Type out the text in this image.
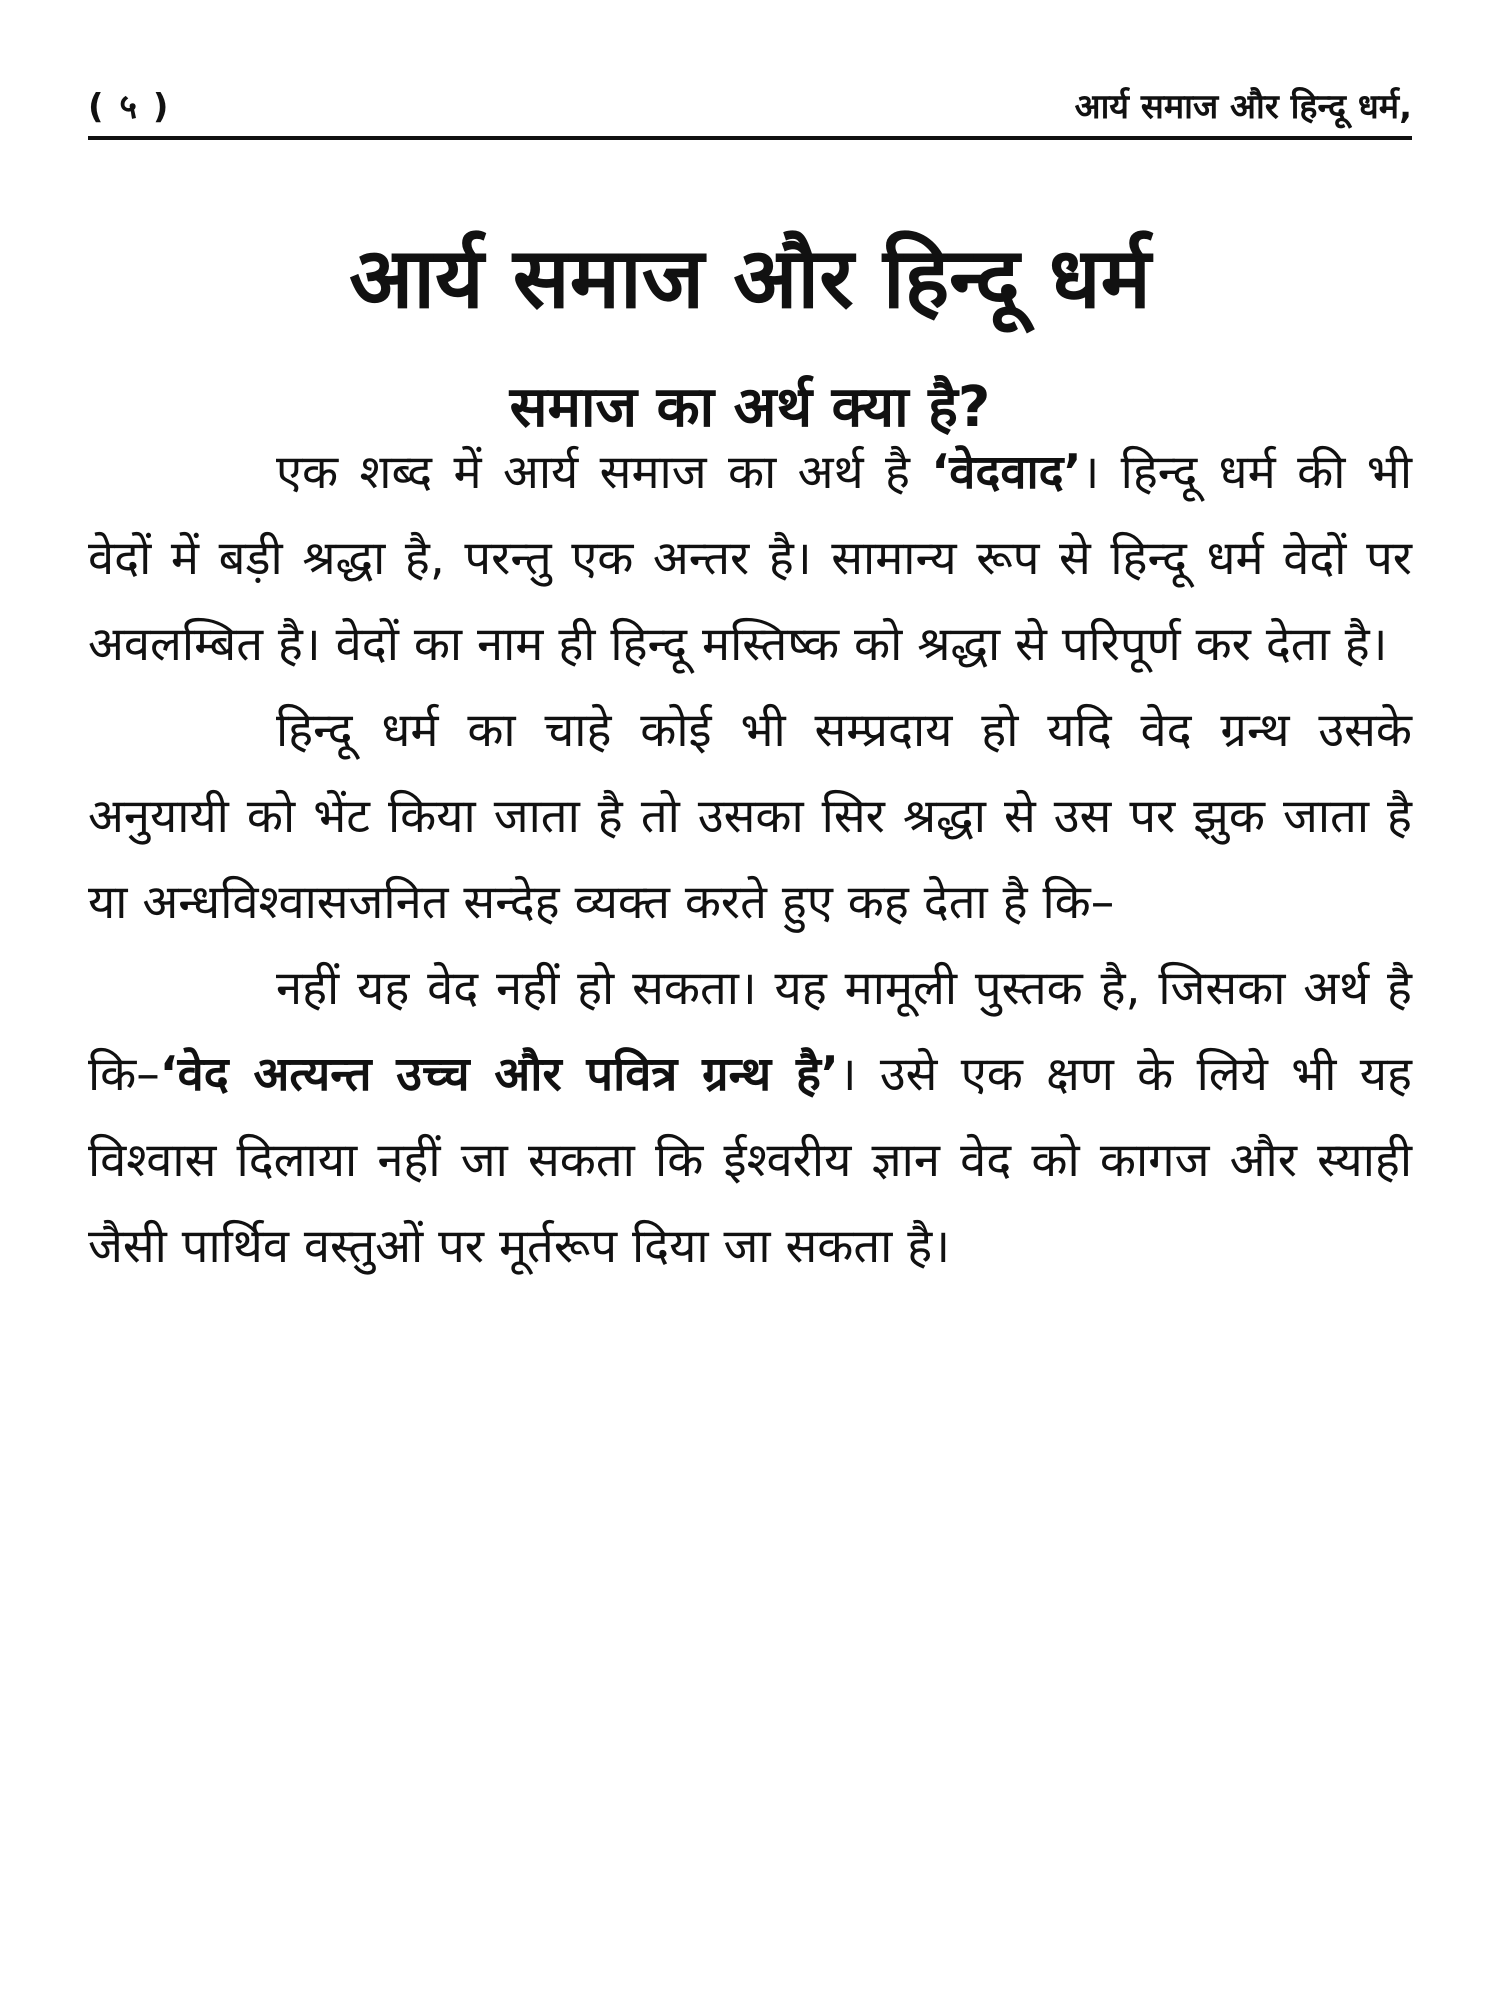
( ५ )	आर्य समाज और हिन्दू धर्म,
आर्य समाज और हिन्दू धर्म
समाज का अर्थ क्या है?

एक शब्द में आर्य समाज का अर्थ है ‘वेदवाद’। हिन्दू धर्म की भी वेदों में बड़ी श्रद्धा है, परन्तु एक अन्तर है। सामान्य रूप से हिन्दू धर्म वेदों पर अवलम्बित है। वेदों का नाम ही हिन्दू मस्तिष्क को श्रद्धा से परिपूर्ण कर देता है।

हिन्दू धर्म का चाहे कोई भी सम्प्रदाय हो यदि वेद ग्रन्थ उसके अनुयायी को भेंट किया जाता है तो उसका सिर श्रद्धा से उस पर झुक जाता है या अन्धविश्वासजनित सन्देह व्यक्त करते हुए कह देता है कि–

नहीं यह वेद नहीं हो सकता। यह मामूली पुस्तक है, जिसका अर्थ है कि–‘वेद अत्यन्त उच्च और पवित्र ग्रन्थ है’। उसे एक क्षण के लिये भी यह विश्वास दिलाया नहीं जा सकता कि ईश्वरीय ज्ञान वेद को कागज और स्याही जैसी पार्थिव वस्तुओं पर मूर्तरूप दिया जा सकता है।
